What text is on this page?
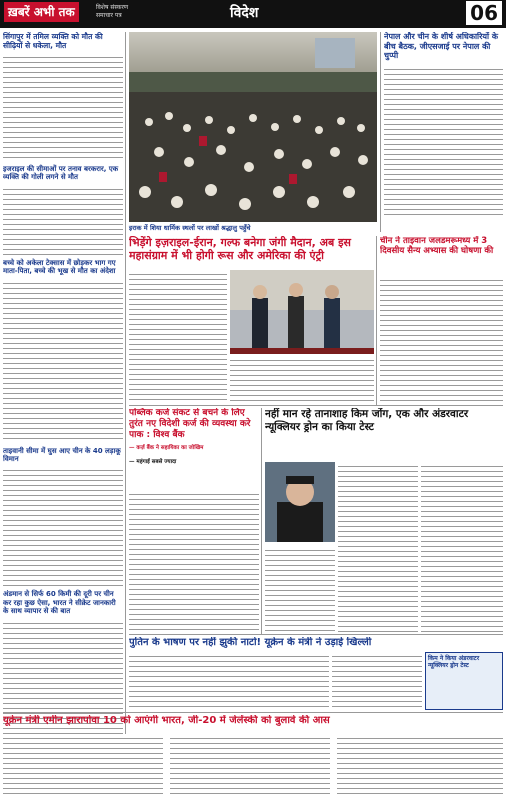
ख़बरें अभी तक	विशेष संस्करण
समाचार पत्र	विदेश	06

सिंगापुर में तमिल व्यक्ति को मौत की सीढ़ियों से धकेला, मौत

इजराइल की सीमाओं पर तनाव बरकरार, एक व्यक्ति की गोली लगने से मौत

बच्चे को अकेला टेक्सास में छोड़कर भाग गए माता-पिता, बच्चे की भूख से मौत का अंदेशा

ताइवानी सीमा में घुस आए चीन के 40 लड़ाकू विमान

अंडमान से सिर्फ 60 किमी की दूरी पर चीन कर रहा कुछ ऐसा, भारत ने सीक्रेट जानकारी के साथ व्यापार से की बात

इराक में शिया धार्मिक स्थलों पर लाखों श्रद्धालु पहुँचे

नेपाल और चीन के शीर्ष अधिकारियों के बीच बैठक, जीएसजाई पर नेपाल की चुप्पी

भिड़ेंगे इज़राइल-ईरान, गल्फ बनेगा जंगी मैदान, अब इस महासंग्राम में भी होगी रूस और अमेरिका की एंट्री

चीन ने ताइवान जलडमरूमध्य में 3 दिवसीय सैन्य अभ्यास की घोषणा की

पब्लिक कर्ज संकट से बचने के लिए तुरंत नए विदेशी कर्ज की व्यवस्था करे पाक : विश्व बैंक

— कर्ज़ बैंक ने सहायिका का जोखिम

— महंगाई सबसे ज्यादा

नहीं मान रहे तानाशाह किम जोंग, एक और अंडरवाटर न्यूक्लियर ड्रोन का किया टेस्ट

पुतिन के भाषण पर नहीं झुकी नाटो! यूक्रेन के मंत्री ने उड़ाई खिल्ली

किम ने किया अंडरवाटर न्यूक्लियर ड्रोन टेस्ट

यूक्रेन मंत्री एमीन झारापोवा 10 को आएंगी भारत, जी-20 में जेलेंस्की को बुलावे की आस
